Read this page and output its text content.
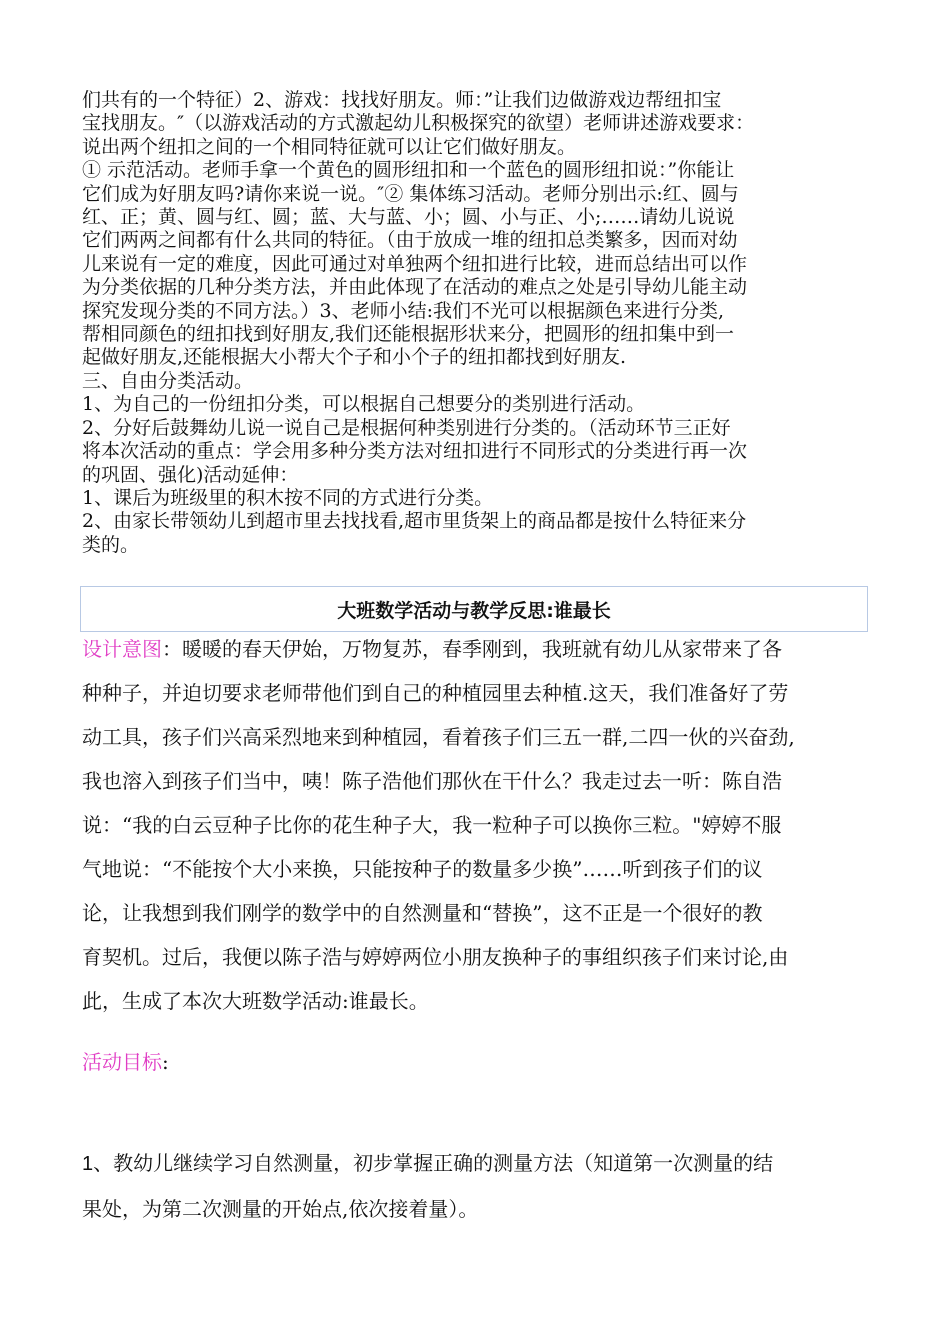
们共有的一个特征）2、游戏：找找好朋友。师：”让我们边做游戏边帮纽扣宝

宝找朋友。″（以游戏活动的方式激起幼儿积极探究的欲望）老师讲述游戏要求：

说出两个纽扣之间的一个相同特征就可以让它们做好朋友。

① 示范活动。老师手拿一个黄色的圆形纽扣和一个蓝色的圆形纽扣说：”你能让

它们成为好朋友吗?请你来说一说。″② 集体练习活动。老师分别出示:红、圆与

红、正；黄、圆与红、圆；蓝、大与蓝、小；圆、小与正、小;……请幼儿说说

它们两两之间都有什么共同的特征。（由于放成一堆的纽扣总类繁多，因而对幼

儿来说有一定的难度，因此可通过对单独两个纽扣进行比较，进而总结出可以作

为分类依据的几种分类方法，并由此体现了在活动的难点之处是引导幼儿能主动

探究发现分类的不同方法。）3、老师小结:我们不光可以根据颜色来进行分类,

帮相同颜色的纽扣找到好朋友,我们还能根据形状来分，把圆形的纽扣集中到一

起做好朋友,还能根据大小帮大个子和小个子的纽扣都找到好朋友.

三、自由分类活动。

1、为自己的一份纽扣分类，可以根据自己想要分的类别进行活动。

2、分好后鼓舞幼儿说一说自己是根据何种类别进行分类的。（活动环节三正好

将本次活动的重点：学会用多种分类方法对纽扣进行不同形式的分类进行再一次

的巩固、强化)活动延伸：

1、课后为班级里的积木按不同的方式进行分类。

2、由家长带领幼儿到超市里去找找看,超市里货架上的商品都是按什么特征来分

类的。

大班数学活动与教学反思:谁最长
设计意图：暖暖的春天伊始，万物复苏，春季刚到，我班就有幼儿从家带来了各
种种子，并迫切要求老师带他们到自己的种植园里去种植.这天，我们准备好了劳
动工具，孩子们兴高采烈地来到种植园，看着孩子们三五一群,二四一伙的兴奋劲,
我也溶入到孩子们当中，咦！陈子浩他们那伙在干什么？我走过去一听：陈自浩
说：“我的白云豆种子比你的花生种子大，我一粒种子可以换你三粒。"婷婷不服
气地说：“不能按个大小来换，只能按种子的数量多少换”……听到孩子们的议
论，让我想到我们刚学的数学中的自然测量和“替换”，这不正是一个很好的教
育契机。过后，我便以陈子浩与婷婷两位小朋友换种子的事组织孩子们来讨论,由
此，生成了本次大班数学活动:谁最长。
活动目标:
1、教幼儿继续学习自然测量，初步掌握正确的测量方法（知道第一次测量的结
果处，为第二次测量的开始点,依次接着量）。
